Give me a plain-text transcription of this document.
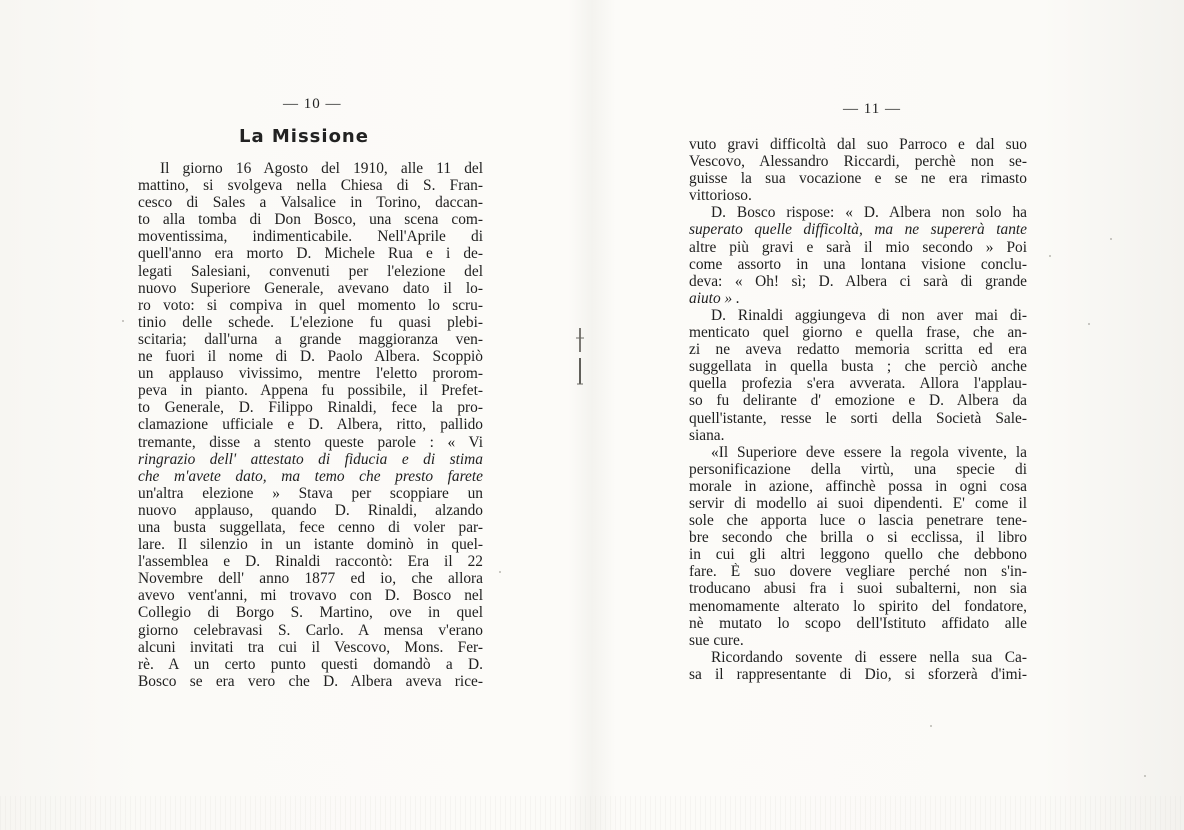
— 10 —
La Missione
Il giorno 16 Agosto del 1910, alle 11 del
mattino, si svolgeva nella Chiesa di S. Fran-
cesco di Sales a Valsalice in Torino, daccan-
to alla tomba di Don Bosco, una scena com-
moventissima, indimenticabile. Nell'Aprile di
quell'anno era morto D. Michele Rua e i de-
legati Salesiani, convenuti per l'elezione del
nuovo Superiore Generale, avevano dato il lo-
ro voto: si compiva in quel momento lo scru-
tinio delle schede. L'elezione fu quasi plebi-
scitaria; dall'urna a grande maggioranza ven-
ne fuori il nome di D. Paolo Albera. Scoppiò
un applauso vivissimo, mentre l'eletto prorom-
peva in pianto. Appena fu possibile, il Prefet-
to Generale, D. Filippo Rinaldi, fece la pro-
clamazione ufficiale e D. Albera, ritto, pallido
tremante, disse a stento queste parole : « Vi
ringrazio dell' attestato di fiducia e di stima
che m'avete dato, ma temo che presto farete
un'altra elezione » Stava per scoppiare un
nuovo applauso, quando D. Rinaldi, alzando
una busta suggellata, fece cenno di voler par-
lare. Il silenzio in un istante dominò in quel-
l'assemblea e D. Rinaldi raccontò: Era il 22
Novembre dell' anno 1877 ed io, che allora
avevo vent'anni, mi trovavo con D. Bosco nel
Collegio di Borgo S. Martino, ove in quel
giorno celebravasi S. Carlo. A mensa v'erano
alcuni invitati tra cui il Vescovo, Mons. Fer-
rè. A un certo punto questi domandò a D.
Bosco se era vero che D. Albera aveva rice-
— 11 —
vuto gravi difficoltà dal suo Parroco e dal suo
Vescovo, Alessandro Riccardi, perchè non se-
guisse la sua vocazione e se ne era rimasto
vittorioso.
D. Bosco rispose: « D. Albera non solo ha
superato quelle difficoltà, ma ne supererà tante
altre più gravi e sarà il mio secondo » Poi
come assorto in una lontana visione conclu-
deva: « Oh! sì; D. Albera ci sarà di grande
aiuto » .
D. Rinaldi aggiungeva di non aver mai di-
menticato quel giorno e quella frase, che an-
zi ne aveva redatto memoria scritta ed era
suggellata in quella busta ; che perciò anche
quella profezia s'era avverata. Allora l'applau-
so fu delirante d' emozione e D. Albera da
quell'istante, resse le sorti della Società Sale-
siana.
«Il Superiore deve essere la regola vivente, la
personificazione della virtù, una specie di
morale in azione, affinchè possa in ogni cosa
servir di modello ai suoi dipendenti. E' come il
sole che apporta luce o lascia penetrare tene-
bre secondo che brilla o si ecclissa, il libro
in cui gli altri leggono quello che debbono
fare. È suo dovere vegliare perché non s'in-
troducano abusi fra i suoi subalterni, non sia
menomamente alterato lo spirito del fondatore,
nè mutato lo scopo dell'Istituto affidato alle
sue cure.
Ricordando sovente di essere nella sua Ca-
sa il rappresentante di Dio, si sforzerà d'imi-
